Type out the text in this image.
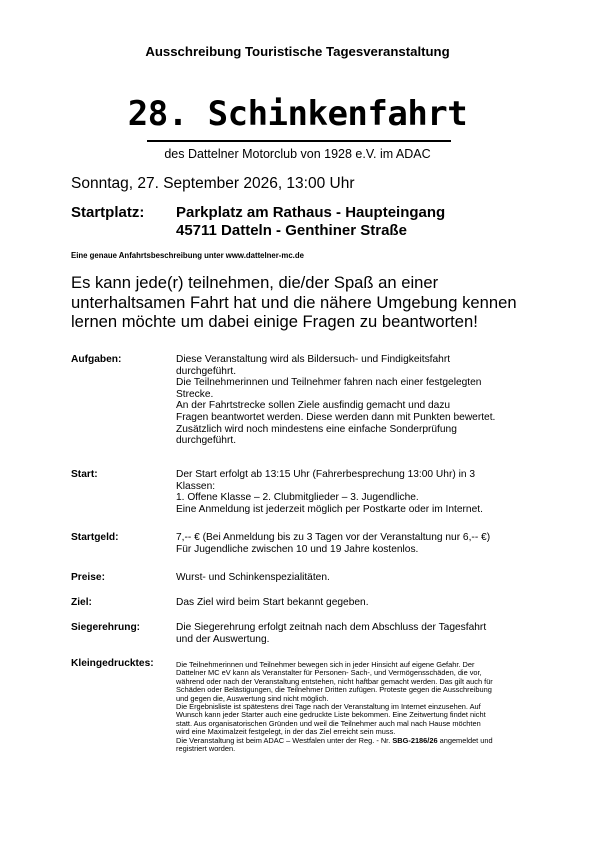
Ausschreibung Touristische Tagesveranstaltung
28. Schinkenfahrt
des Dattelner Motorclub von 1928 e.V. im ADAC
Sonntag, 27. September 2026, 13:00 Uhr
Startplatz: Parkplatz am Rathaus - Haupteingang
45711 Datteln - Genthiner Straße
Eine genaue Anfahrtsbeschreibung unter www.dattelner-mc.de
Es kann jede(r) teilnehmen, die/der Spaß an einer unterhaltsamen Fahrt hat und die nähere Umgebung kennen lernen möchte um dabei einige Fragen zu beantworten!
Aufgaben:	Diese Veranstaltung wird als Bildersuch- und Findigkeitsfahrt
durchgeführt.
Die Teilnehmerinnen und Teilnehmer fahren nach einer festgelegten
Strecke.
An der Fahrtstrecke sollen Ziele ausfindig gemacht und dazu
Fragen beantwortet werden. Diese werden dann mit Punkten bewertet.
Zusätzlich wird noch mindestens eine einfache Sonderprüfung
durchgeführt.
Start:	Der Start erfolgt ab 13:15 Uhr (Fahrerbesprechung 13:00 Uhr) in 3
Klassen:
1. Offene Klasse – 2. Clubmitglieder – 3. Jugendliche.
Eine Anmeldung ist jederzeit möglich per Postkarte oder im Internet.
Startgeld:	7,-- € (Bei Anmeldung bis zu 3 Tagen vor der Veranstaltung nur 6,-- €)
Für Jugendliche zwischen 10 und 19 Jahre kostenlos.
Preise:	Wurst- und Schinkenspezialitäten.
Ziel:	Das Ziel wird beim Start bekannt gegeben.
Siegerehrung:	Die Siegerehrung erfolgt zeitnah nach dem Abschluss der Tagesfahrt
und der Auswertung.
Kleingedrucktes:	Die Teilnehmerinnen und Teilnehmer bewegen sich in jeder Hinsicht auf eigene Gefahr. Der
Dattelner MC eV kann als Veranstalter für Personen- Sach-, und Vermögensschäden, die vor,
während oder nach der Veranstaltung entstehen, nicht haftbar gemacht werden. Das gilt auch für
Schäden oder Belästigungen, die Teilnehmer Dritten zufügen. Proteste gegen die Ausschreibung
und gegen die, Auswertung sind nicht möglich.
Die Ergebnisliste ist spätestens drei Tage nach der Veranstaltung im Internet einzusehen. Auf
Wunsch kann jeder Starter auch eine gedruckte Liste bekommen. Eine Zeitwertung findet nicht
statt. Aus organisatorischen Gründen und weil die Teilnehmer auch mal nach Hause möchten
wird eine Maximalzeit festgelegt, in der das Ziel erreicht sein muss.
Die Veranstaltung ist beim ADAC – Westfalen unter der Reg. - Nr. SBG-2186/26 angemeldet und
registriert worden.
